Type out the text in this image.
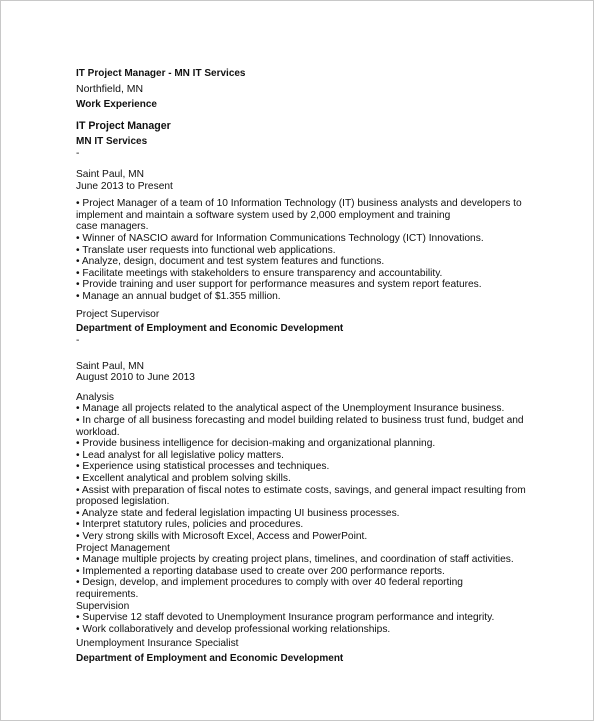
IT Project Manager - MN IT Services
Northfield, MN
Work Experience
IT Project Manager
MN IT Services
-
Saint Paul, MN
June 2013 to Present
• Project Manager of a team of 10 Information Technology (IT) business analysts and developers to
implement and maintain a software system used by 2,000 employment and training
case managers.
• Winner of NASCIO award for Information Communications Technology (ICT) Innovations.
• Translate user requests into functional web applications.
• Analyze, design, document and test system features and functions.
• Facilitate meetings with stakeholders to ensure transparency and accountability.
• Provide training and user support for performance measures and system report features.
• Manage an annual budget of $1.355 million.
Project Supervisor
Department of Employment and Economic Development
-
Saint Paul, MN
August 2010 to June 2013
Analysis
• Manage all projects related to the analytical aspect of the Unemployment Insurance business.
• In charge of all business forecasting and model building related to business trust fund, budget and
workload.
• Provide business intelligence for decision-making and organizational planning.
• Lead analyst for all legislative policy matters.
• Experience using statistical processes and techniques.
• Excellent analytical and problem solving skills.
• Assist with preparation of fiscal notes to estimate costs, savings, and general impact resulting from
proposed legislation.
• Analyze state and federal legislation impacting UI business processes.
• Interpret statutory rules, policies and procedures.
• Very strong skills with Microsoft Excel, Access and PowerPoint.
Project Management
• Manage multiple projects by creating project plans, timelines, and coordination of staff activities.
• Implemented a reporting database used to create over 200 performance reports.
• Design, develop, and implement procedures to comply with over 40 federal reporting
requirements.
Supervision
• Supervise 12 staff devoted to Unemployment Insurance program performance and integrity.
• Work collaboratively and develop professional working relationships.
Unemployment Insurance Specialist
Department of Employment and Economic Development
